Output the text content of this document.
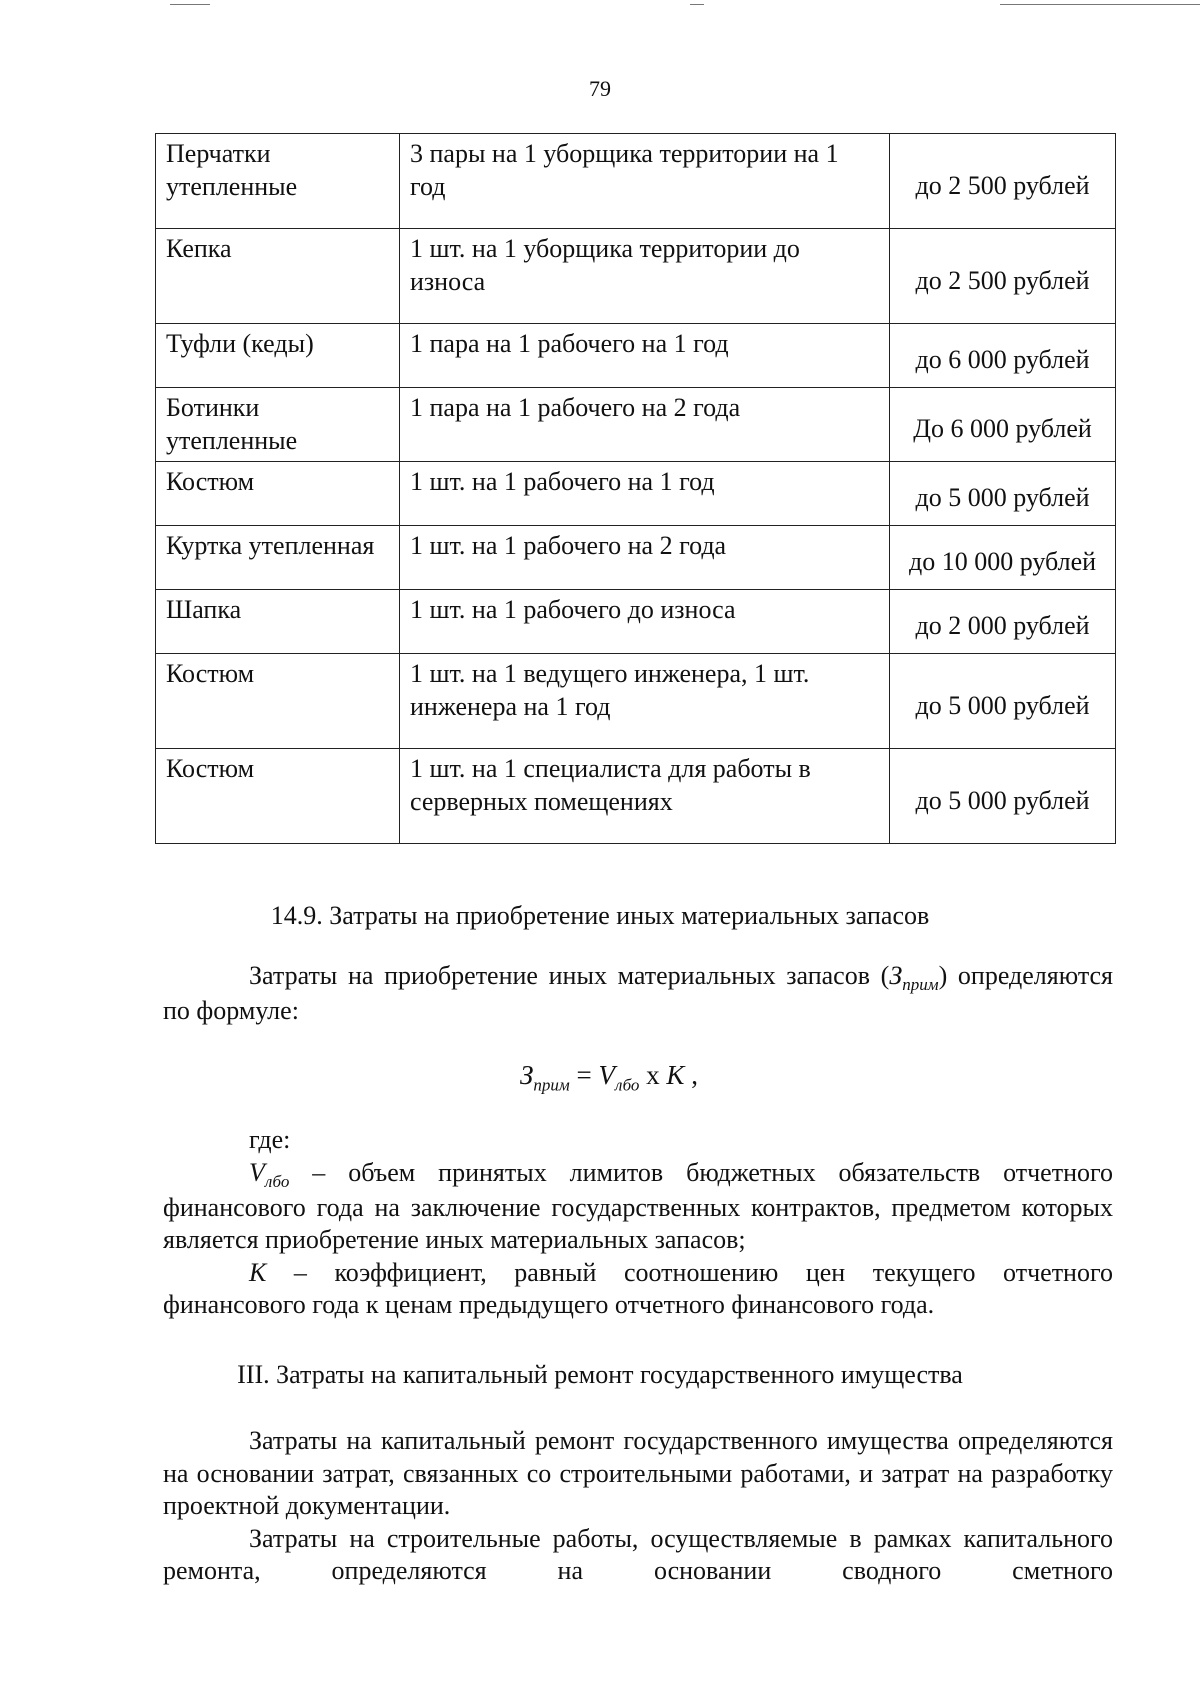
79
Перчатки утепленные	3 пары на 1 уборщика территории на 1 год	до 2 500 рублей
Кепка	1 шт. на 1 уборщика территории до износа	до 2 500 рублей
Туфли (кеды)	1 пара на 1 рабочего на 1 год	до 6 000 рублей
Ботинки утепленные	1 пара на 1 рабочего на 2 года	До 6 000 рублей
Костюм	1 шт. на 1 рабочего на 1 год	до 5 000 рублей
Куртка утепленная	1 шт. на 1 рабочего на 2 года	до 10 000 рублей
Шапка	1 шт. на 1 рабочего до износа	до 2 000 рублей
Костюм	1 шт. на 1 ведущего инженера, 1 шт. инженера на 1 год	до 5 000 рублей
Костюм	1 шт. на 1 специалиста для работы в серверных помещениях	до 5 000 рублей
14.9. Затраты на приобретение иных материальных запасов

Затраты на приобретение иных материальных запасов $(З_{прим})$ определяются по формуле:

$З_{прим} = V_{лбо}$ x K ,

где:

$V_{лбо}$ – объем принятых лимитов бюджетных обязательств отчетного финансового года на заключение государственных контрактов, предметом которых является приобретение иных материальных запасов;

K – коэффициент, равный соотношению цен текущего отчетного финансового года к ценам предыдущего отчетного финансового года.

III. Затраты на капитальный ремонт государственного имущества

Затраты на капитальный ремонт государственного имущества определяются на основании затрат, связанных со строительными работами, и затрат на разработку проектной документации.

Затраты на строительные работы, осуществляемые в рамках капитального ремонта, определяются на основании сводного сметного
